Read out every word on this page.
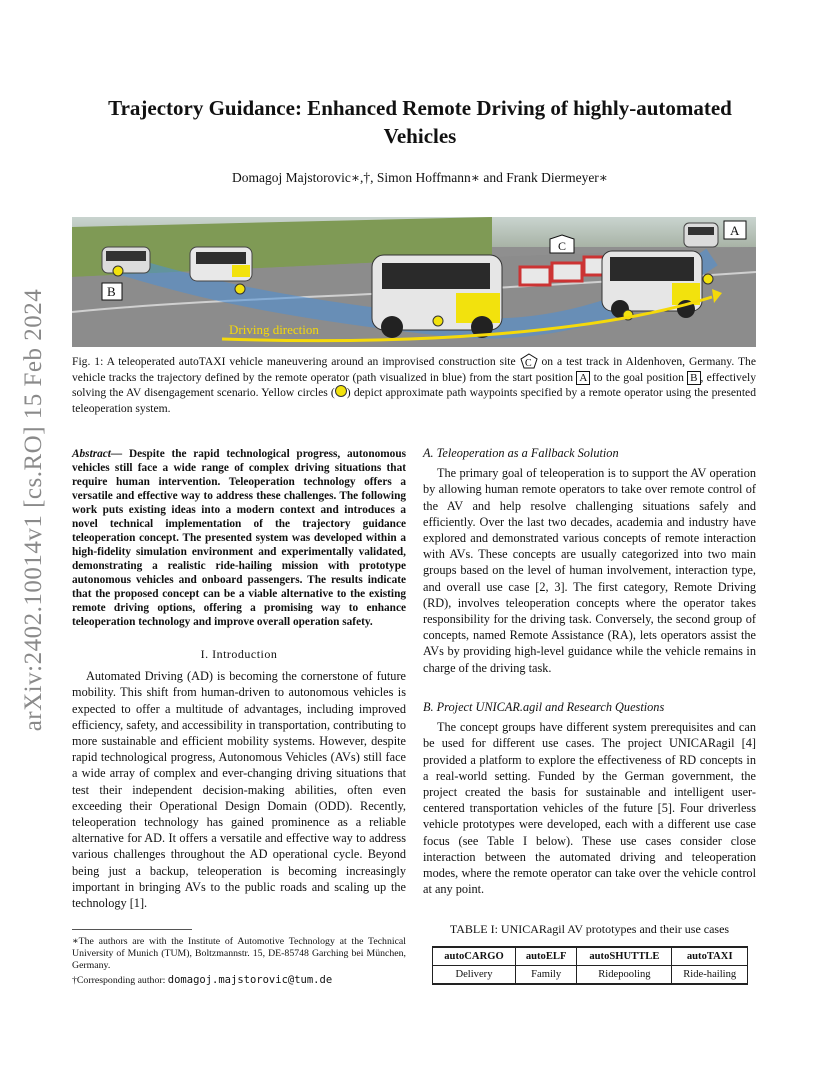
arXiv:2402.10014v1 [cs.RO] 15 Feb 2024
Trajectory Guidance: Enhanced Remote Driving of highly-automated Vehicles
Domagoj Majstorovic∗,†, Simon Hoffmann∗ and Frank Diermeyer∗
Driving direction
B
A
C
Fig. 1: A teleoperated autoTAXI vehicle maneuvering around an improvised construction site C on a test track in Aldenhoven, Germany. The vehicle tracks the trajectory defined by the remote operator (path visualized in blue) from the start position A to the goal position B , effectively solving the AV disengagement scenario. Yellow circles ( ) depict approximate path waypoints specified by a remote operator using the presented teleoperation system.
Abstract— Despite the rapid technological progress, autonomous vehicles still face a wide range of complex driving situations that require human intervention. Teleoperation technology offers a versatile and effective way to address these challenges. The following work puts existing ideas into a modern context and introduces a novel technical implementation of the trajectory guidance teleoperation concept. The presented system was developed within a high-fidelity simulation environment and experimentally validated, demonstrating a realistic ride-hailing mission with prototype autonomous vehicles and onboard passengers. The results indicate that the proposed concept can be a viable alternative to the existing remote driving options, offering a promising way to enhance teleoperation technology and improve overall operation safety.
I. Introduction

Automated Driving (AD) is becoming the cornerstone of future mobility. This shift from human-driven to autonomous vehicles is expected to offer a multitude of advantages, including improved efficiency, safety, and accessibility in transportation, contributing to more sustainable and efficient mobility systems. However, despite rapid technological progress, Autonomous Vehicles (AVs) still face a wide array of complex and ever-changing driving situations that test their independent decision-making abilities, often even exceeding their Operational Design Domain (ODD). Recently, teleoperation technology has gained prominence as a reliable alternative for AD. It offers a versatile and effective way to address various challenges throughout the AD operational cycle. Beyond being just a backup, teleoperation is becoming increasingly important in bringing AVs to the public roads and scaling up the technology [1].

∗The authors are with the Institute of Automotive Technology at the Technical University of Munich (TUM), Boltzmannstr. 15, DE-85748 Garching bei München, Germany.
†Corresponding author: domagoj.majstorovic@tum.de
A. Teleoperation as a Fallback Solution

The primary goal of teleoperation is to support the AV operation by allowing human remote operators to take over remote control of the AV and help resolve challenging situations safely and efficiently. Over the last two decades, academia and industry have explored and demonstrated various concepts of remote interaction with AVs. These concepts are usually categorized into two main groups based on the level of human involvement, interaction type, and overall use case [2, 3]. The first category, Remote Driving (RD), involves teleoperation concepts where the operator takes responsibility for the driving task. Conversely, the second group of concepts, named Remote Assistance (RA), lets operators assist the AVs by providing high-level guidance while the vehicle remains in charge of the driving task.

B. Project UNICAR.agil and Research Questions

The concept groups have different system prerequisites and can be used for different use cases. The project UNICARagil [4] provided a platform to explore the effectiveness of RD concepts in a real-world setting. Funded by the German government, the project created the basis for sustainable and intelligent user-centered transportation vehicles of the future [5]. Four driverless vehicle prototypes were developed, each with a different use case focus (see Table I below). These use cases consider close interaction between the automated driving and teleoperation modes, where the remote operator can take over the vehicle control at any point.

TABLE I: UNICARagil AV prototypes and their use cases
autoCARGO	autoELF	autoSHUTTLE	autoTAXI
Delivery	Family	Ridepooling	Ride-hailing
